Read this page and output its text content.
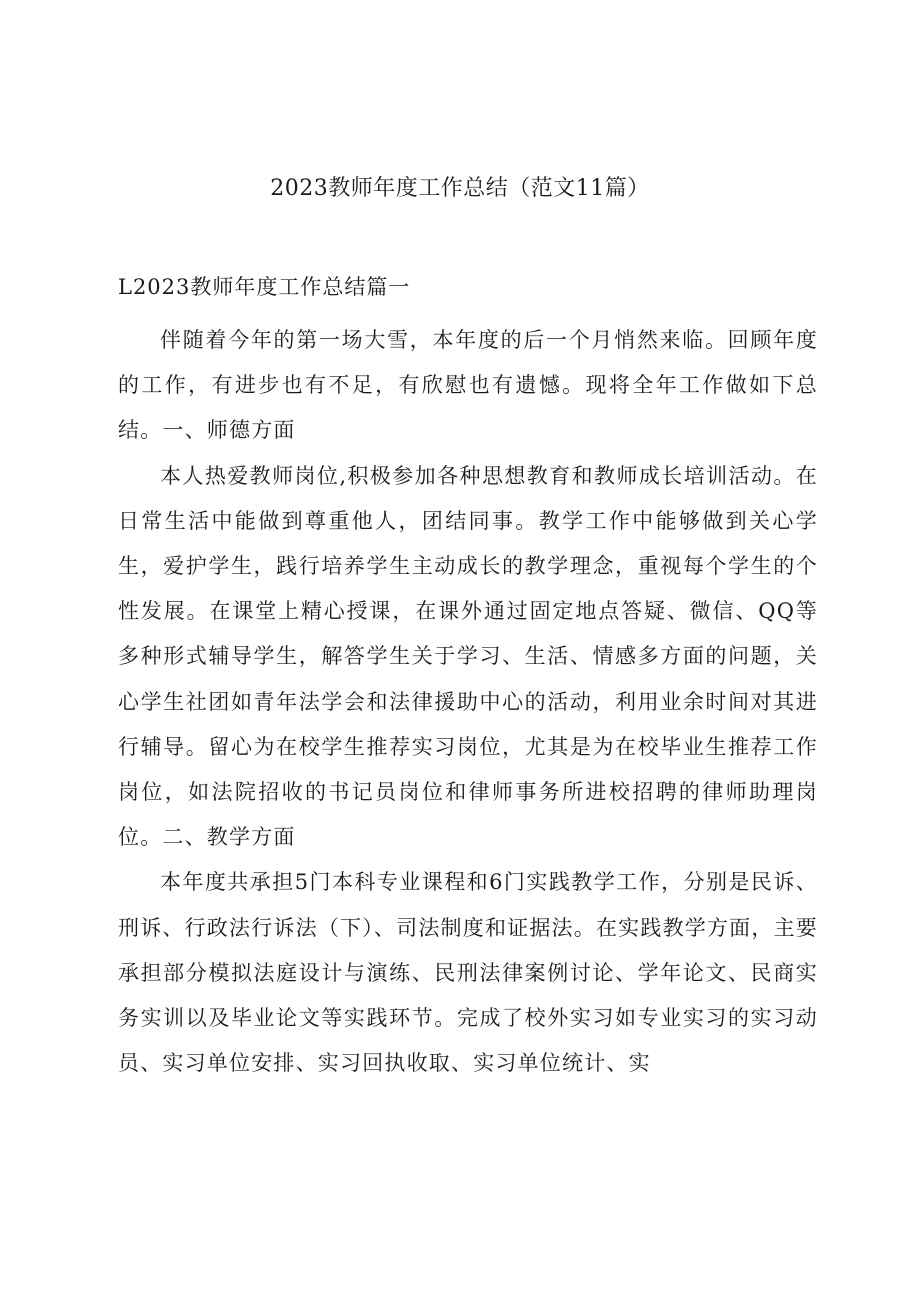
2023教师年度工作总结（范文11篇）
L2023教师年度工作总结篇一

伴随着今年的第一场大雪，本年度的后一个月悄然来临。回顾年度的工作，有进步也有不足，有欣慰也有遗憾。现将全年工作做如下总结。一、师德方面

本人热爱教师岗位,积极参加各种思想教育和教师成长培训活动。在日常生活中能做到尊重他人，团结同事。教学工作中能够做到关心学生，爱护学生，践行培养学生主动成长的教学理念，重视每个学生的个性发展。在课堂上精心授课，在课外通过固定地点答疑、微信、QQ等多种形式辅导学生，解答学生关于学习、生活、情感多方面的问题，关心学生社团如青年法学会和法律援助中心的活动，利用业余时间对其进行辅导。留心为在校学生推荐实习岗位，尤其是为在校毕业生推荐工作岗位，如法院招收的书记员岗位和律师事务所进校招聘的律师助理岗位。二、教学方面

本年度共承担5门本科专业课程和6门实践教学工作，分别是民诉、刑诉、行政法行诉法（下）、司法制度和证据法。在实践教学方面，主要承担部分模拟法庭设计与演练、民刑法律案例讨论、学年论文、民商实务实训以及毕业论文等实践环节。完成了校外实习如专业实习的实习动员、实习单位安排、实习回执收取、实习单位统计、实
